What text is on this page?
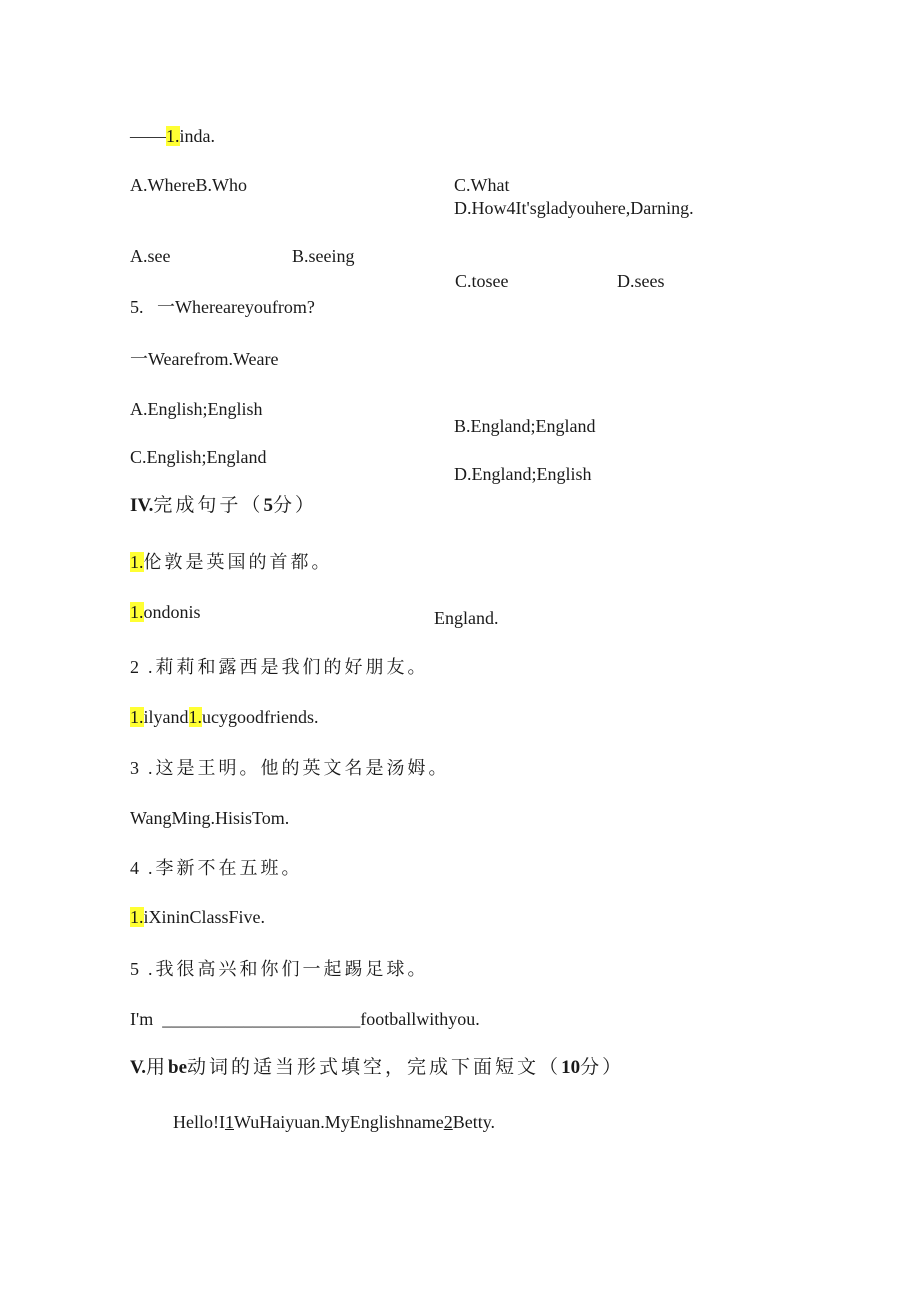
——1.inda.
A.WhereB.Who	C.What
D.How4It'sgladyouhere,Darning.
A.see	B.seeing
C.tosee	D.sees
5. 一Whereareyoufrom?
一Wearefrom.Weare
A.English;English
B.England;England
C.English;England
D.England;English
IV.完成句子（5分）
1.伦敦是英国的首都。
1.ondonis	England.
2 .莉莉和露西是我们的好朋友。
1.ilyand1.ucygoodfriends.
3 .这是王明。他的英文名是汤姆。
WangMing.HisisTom.
4 .李新不在五班。
1.iXininClassFive.
5 .我很高兴和你们一起踢足球。
I'm ______________________footballwithyou.
V.用be动词的适当形式填空，完成下面短文（10分）
Hello!I1WuHaiyuan.MyEnglishname2Betty.
